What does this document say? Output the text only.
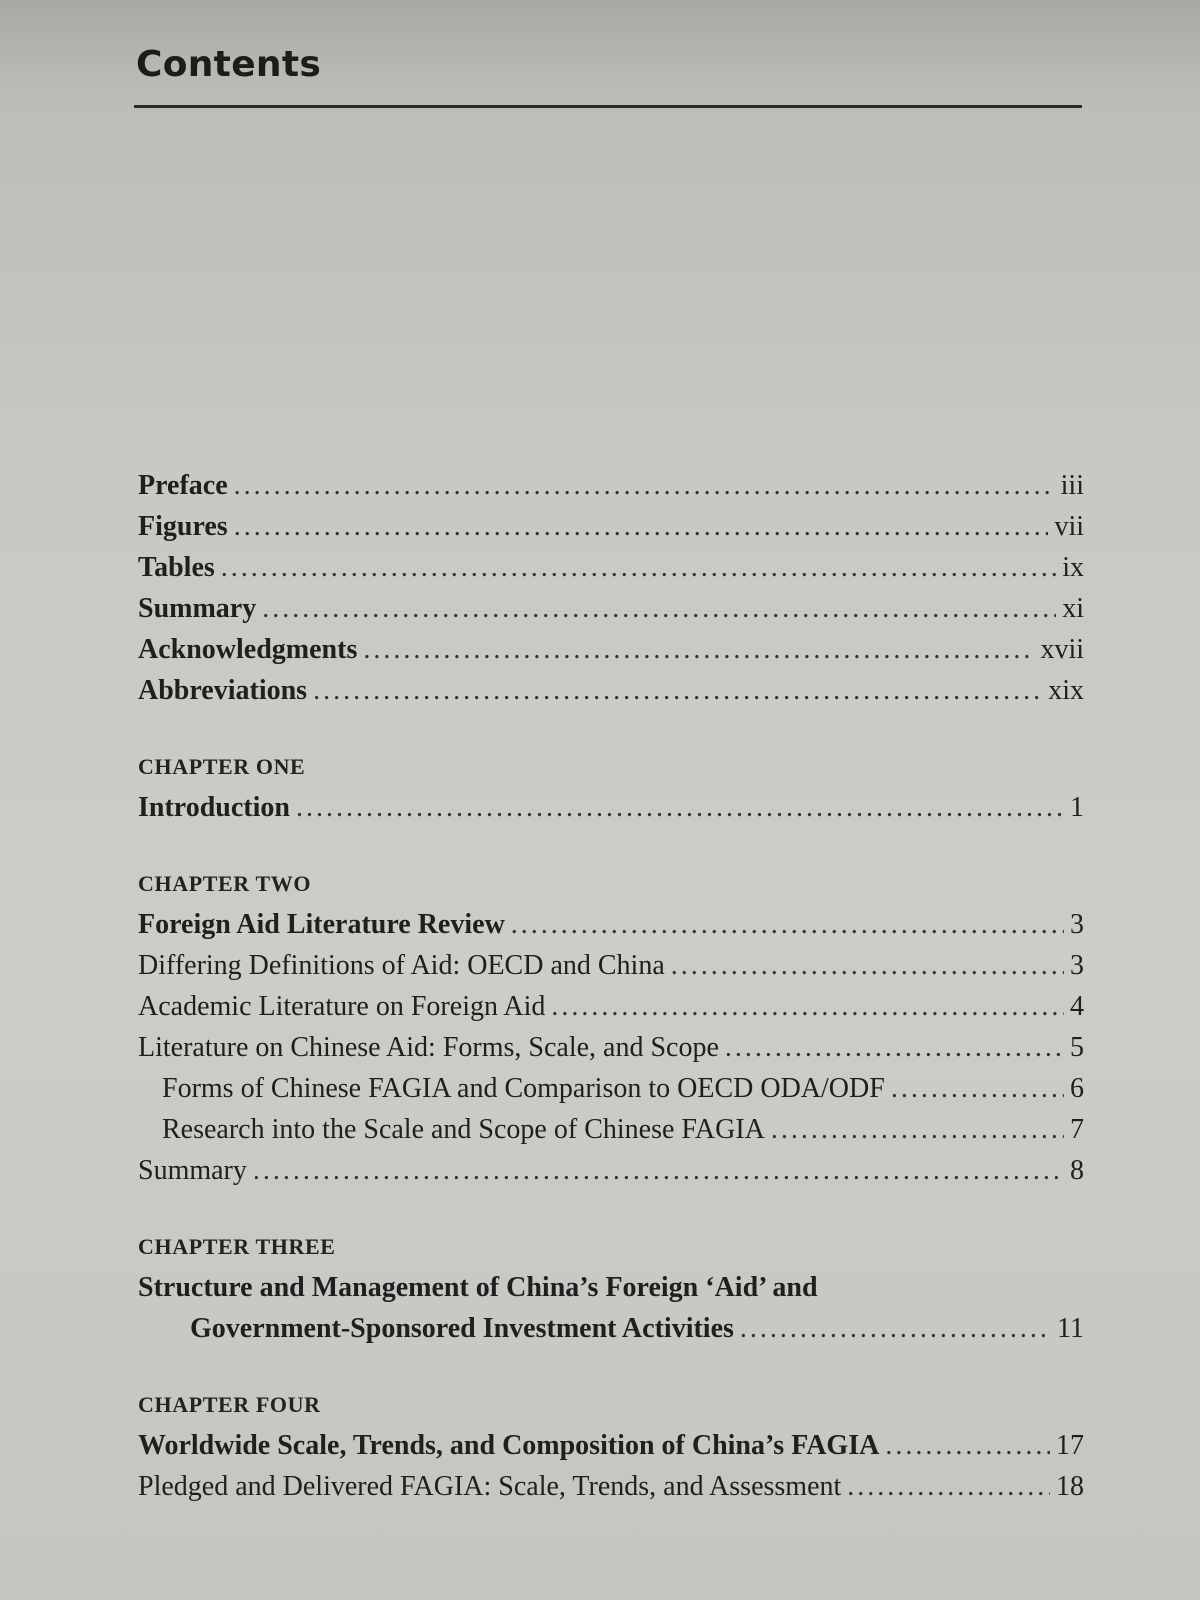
Contents
Preface .....	iii
Figures .....	vii
Tables .....	ix
Summary .....	xi
Acknowledgments .....	xvii
Abbreviations .....	xix
CHAPTER ONE
Introduction .....	1
CHAPTER TWO
Foreign Aid Literature Review .....	3
Differing Definitions of Aid: OECD and China .....	3
Academic Literature on Foreign Aid .....	4
Literature on Chinese Aid: Forms, Scale, and Scope .....	5
Forms of Chinese FAGIA and Comparison to OECD ODA/ODF .....	6
Research into the Scale and Scope of Chinese FAGIA .....	7
Summary .....	8
CHAPTER THREE
Structure and Management of China’s Foreign ‘Aid’ and
Government-Sponsored Investment Activities .....	11
CHAPTER FOUR
Worldwide Scale, Trends, and Composition of China’s FAGIA .....	17
Pledged and Delivered FAGIA: Scale, Trends, and Assessment .....	18
